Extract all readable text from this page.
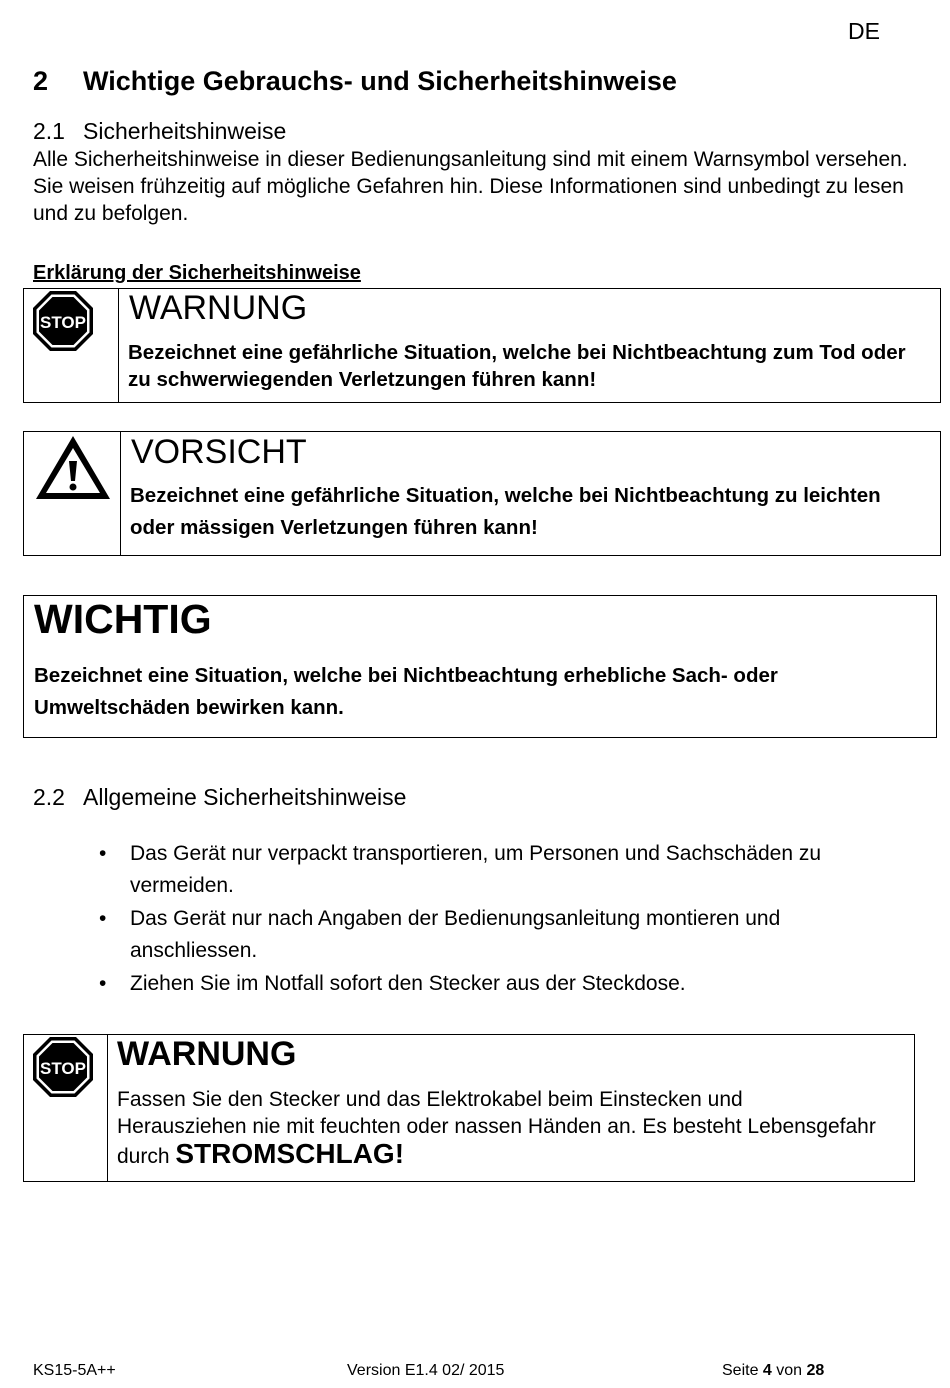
DE
2 Wichtige Gebrauchs- und Sicherheitshinweise
2.1 Sicherheitshinweise
Alle Sicherheitshinweise in dieser Bedienungsanleitung sind mit einem Warnsymbol versehen. Sie weisen frühzeitig auf mögliche Gefahren hin. Diese Informationen sind unbedingt zu lesen und zu befolgen.
Erklärung der Sicherheitshinweise
STOP WARNUNG
Bezeichnet eine gefährliche Situation, welche bei Nichtbeachtung zum Tod oder zu schwerwiegenden Verletzungen führen kann!
VORSICHT
Bezeichnet eine gefährliche Situation, welche bei Nichtbeachtung zu leichten oder mässigen Verletzungen führen kann!
WICHTIG
Bezeichnet eine Situation, welche bei Nichtbeachtung erhebliche Sach- oder Umweltschäden bewirken kann.
2.2 Allgemeine Sicherheitshinweise
• Das Gerät nur verpackt transportieren, um Personen und Sachschäden zu vermeiden.
• Das Gerät nur nach Angaben der Bedienungsanleitung montieren und anschliessen.
• Ziehen Sie im Notfall sofort den Stecker aus der Steckdose.
STOP WARNUNG
Fassen Sie den Stecker und das Elektrokabel beim Einstecken und Herausziehen nie mit feuchten oder nassen Händen an. Es besteht Lebensgefahr durch STROMSCHLAG!
KS15-5A++	Version E1.4 02/ 2015	Seite 4 von 28
